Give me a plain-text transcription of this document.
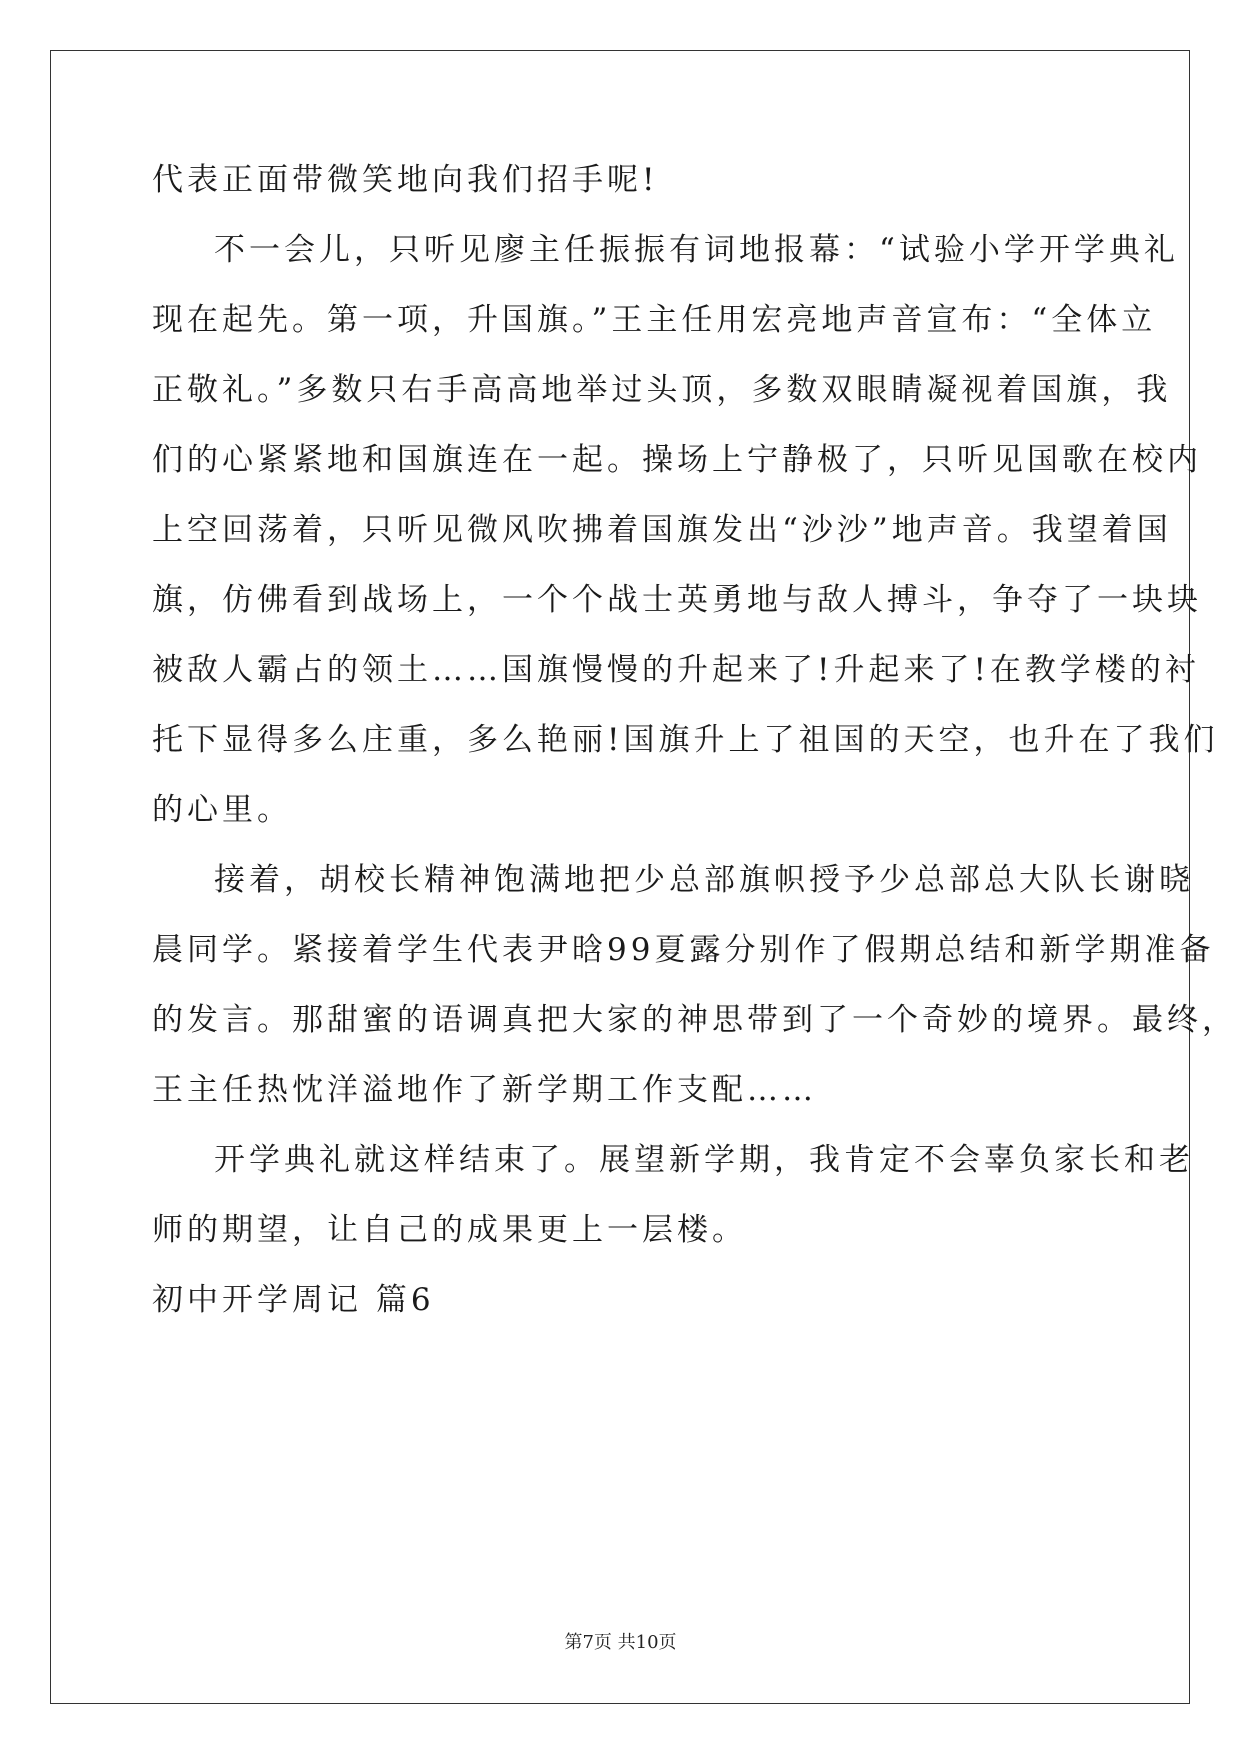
代表正面带微笑地向我们招手呢!
不一会儿，只听见廖主任振振有词地报幕：“试验小学开学典礼
现在起先。第一项，升国旗。”王主任用宏亮地声音宣布：“全体立
正敬礼。”多数只右手高高地举过头顶，多数双眼睛凝视着国旗，我
们的心紧紧地和国旗连在一起。操场上宁静极了，只听见国歌在校内
上空回荡着，只听见微风吹拂着国旗发出“沙沙”地声音。我望着国
旗，仿佛看到战场上，一个个战士英勇地与敌人搏斗，争夺了一块块
被敌人霸占的领土……国旗慢慢的升起来了!升起来了!在教学楼的衬
托下显得多么庄重，多么艳丽!国旗升上了祖国的天空，也升在了我们
的心里。
接着，胡校长精神饱满地把少总部旗帜授予少总部总大队长谢晓
晨同学。紧接着学生代表尹晗99夏露分别作了假期总结和新学期准备
的发言。那甜蜜的语调真把大家的神思带到了一个奇妙的境界。最终，
王主任热忱洋溢地作了新学期工作支配……
开学典礼就这样结束了。展望新学期，我肯定不会辜负家长和老
师的期望，让自己的成果更上一层楼。
初中开学周记 篇6
第7页 共10页
